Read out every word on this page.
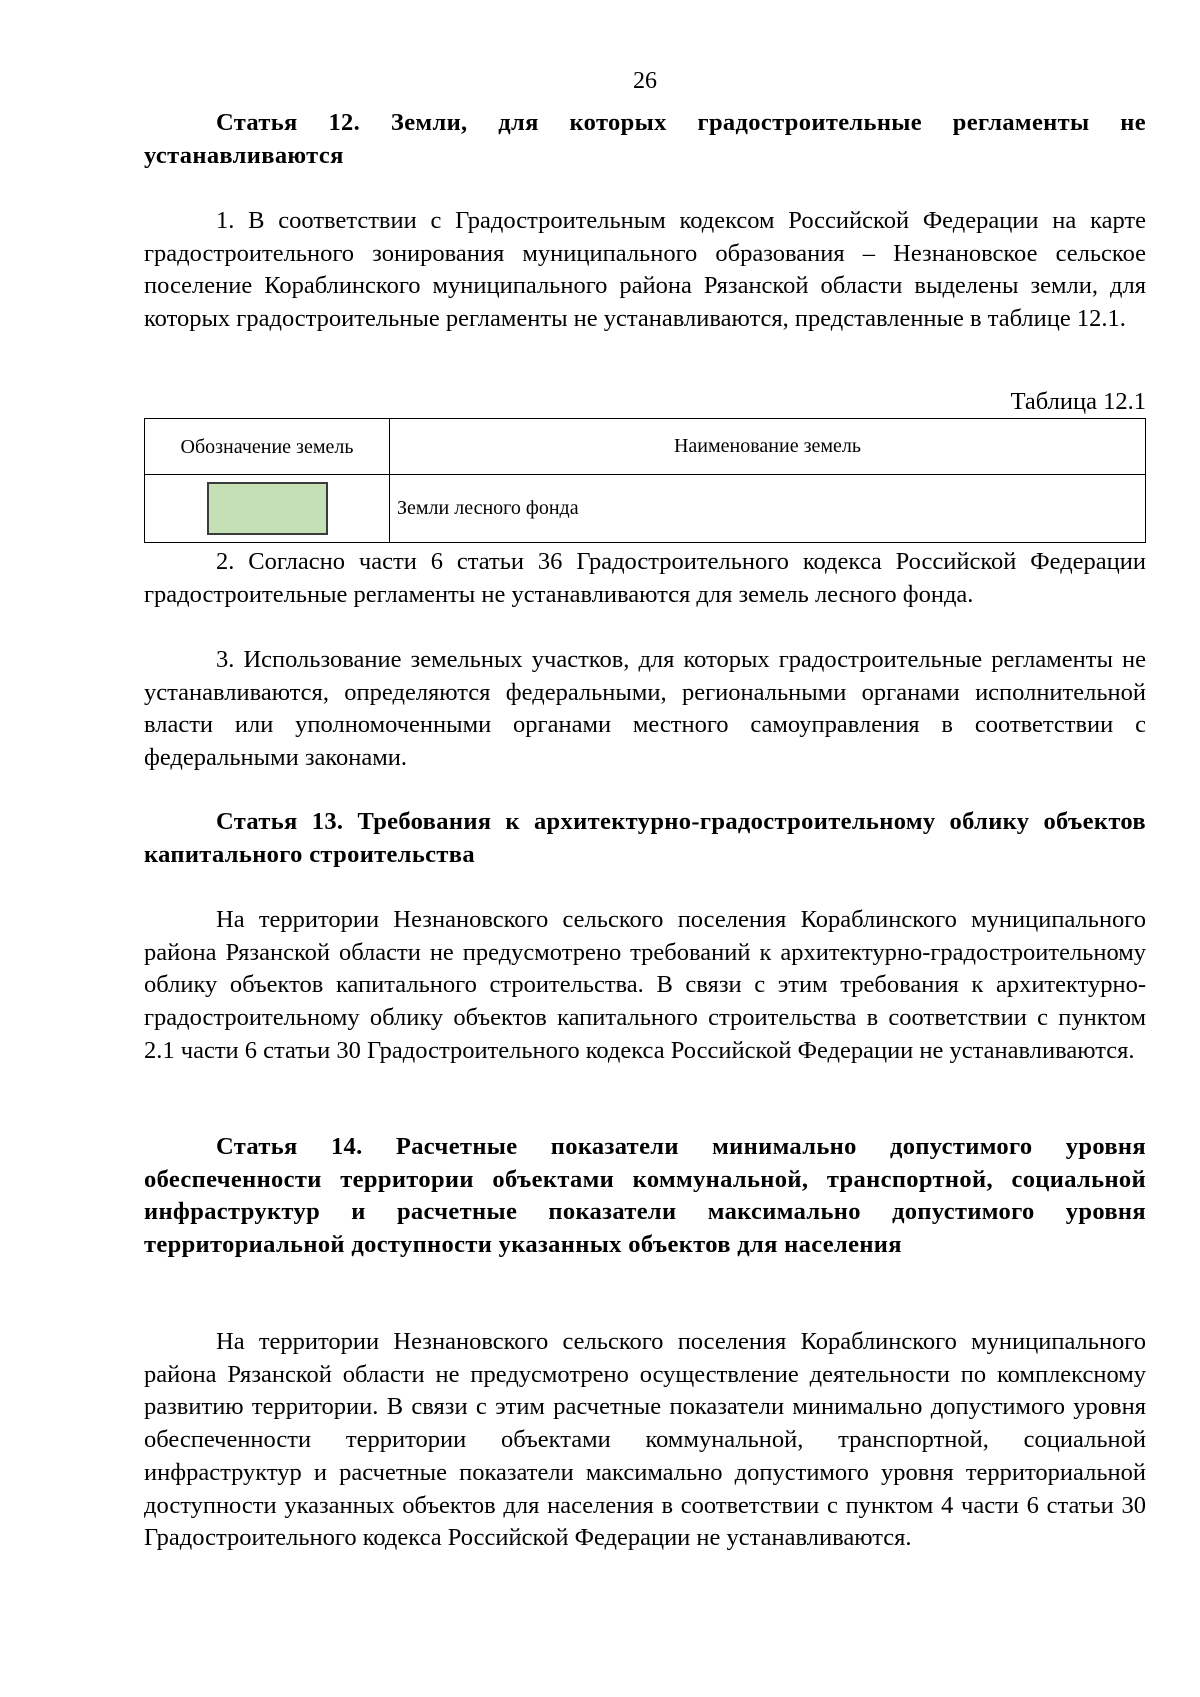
26

Статья 12. Земли, для которых градостроительные регламенты не устанавливаются

1. В соответствии с Градостроительным кодексом Российской Федерации на карте градостроительного зонирования муниципального образования – Незнановское сельское поселение Кораблинского муниципального района Рязанской области выделены земли, для которых градостроительные регламенты не устанавливаются, представленные в таблице 12.1.

Таблица 12.1
Обозначение земель	Наименование земель
	Земли лесного фонда

2. Согласно части 6 статьи 36 Градостроительного кодекса Российской Федерации градостроительные регламенты не устанавливаются для земель лесного фонда.

3. Использование земельных участков, для которых градостроительные регламенты не устанавливаются, определяются федеральными, региональными органами исполнительной власти или уполномоченными органами местного самоуправления в соответствии с федеральными законами.

Статья 13. Требования к архитектурно-градостроительному облику объектов капитального строительства

На территории Незнановского сельского поселения Кораблинского муниципального района Рязанской области не предусмотрено требований к архитектурно-градостроительному облику объектов капитального строительства. В связи с этим требования к архитектурно-градостроительному облику объектов капитального строительства в соответствии с пунктом 2.1 части 6 статьи 30 Градостроительного кодекса Российской Федерации не устанавливаются.

Статья 14. Расчетные показатели минимально допустимого уровня обеспеченности территории объектами коммунальной, транспортной, социальной инфраструктур и расчетные показатели максимально допустимого уровня территориальной доступности указанных объектов для населения

На территории Незнановского сельского поселения Кораблинского муниципального района Рязанской области не предусмотрено осуществление деятельности по комплексному развитию территории. В связи с этим расчетные показатели минимально допустимого уровня обеспеченности территории объектами коммунальной, транспортной, социальной инфраструктур и расчетные показатели максимально допустимого уровня территориальной доступности указанных объектов для населения в соответствии с пунктом 4 части 6 статьи 30 Градостроительного кодекса Российской Федерации не устанавливаются.
